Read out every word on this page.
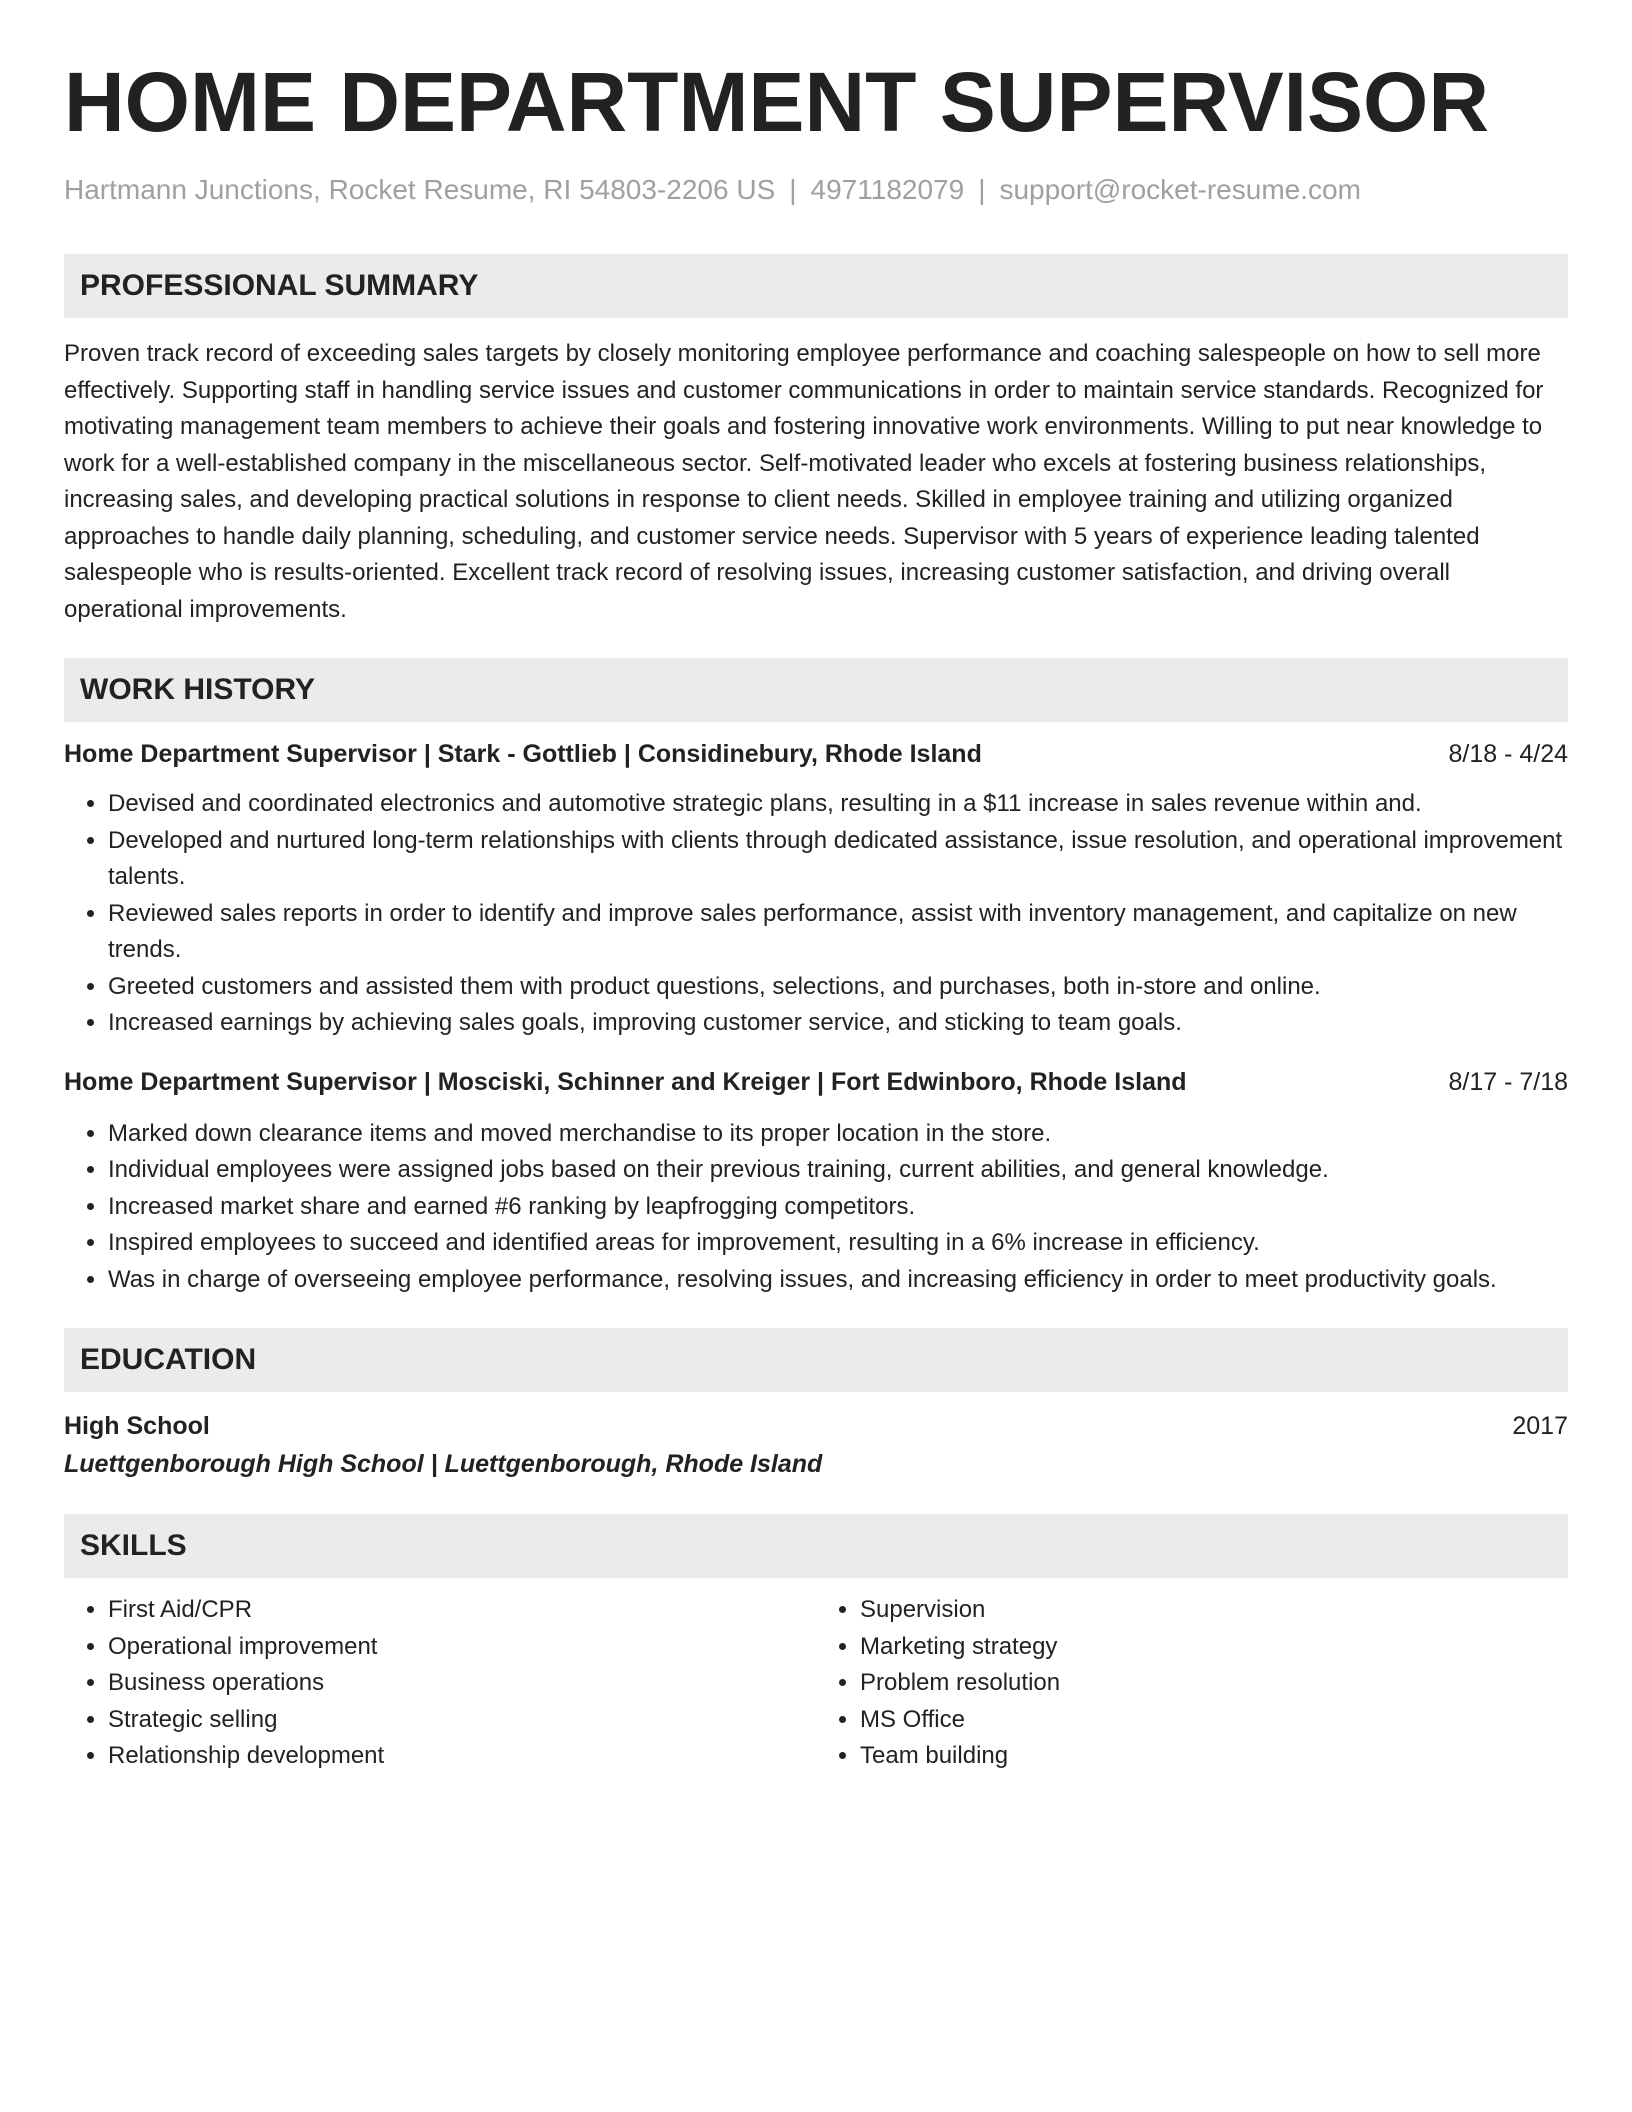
HOME DEPARTMENT SUPERVISOR
Hartmann Junctions, Rocket Resume, RI 54803-2206 US | 4971182079 | support@rocket-resume.com
PROFESSIONAL SUMMARY

Proven track record of exceeding sales targets by closely monitoring employee performance and coaching salespeople on how to sell more effectively. Supporting staff in handling service issues and customer communications in order to maintain service standards. Recognized for motivating management team members to achieve their goals and fostering innovative work environments. Willing to put near knowledge to work for a well-established company in the miscellaneous sector. Self-motivated leader who excels at fostering business relationships, increasing sales, and developing practical solutions in response to client needs. Skilled in employee training and utilizing organized approaches to handle daily planning, scheduling, and customer service needs. Supervisor with 5 years of experience leading talented salespeople who is results-oriented. Excellent track record of resolving issues, increasing customer satisfaction, and driving overall operational improvements.

WORK HISTORY
Home Department Supervisor | Stark - Gottlieb | Considinebury, Rhode Island	8/18 - 4/24
• Devised and coordinated electronics and automotive strategic plans, resulting in a $11 increase in sales revenue within and.
• Developed and nurtured long-term relationships with clients through dedicated assistance, issue resolution, and operational improvement talents.
• Reviewed sales reports in order to identify and improve sales performance, assist with inventory management, and capitalize on new trends.
• Greeted customers and assisted them with product questions, selections, and purchases, both in-store and online.
• Increased earnings by achieving sales goals, improving customer service, and sticking to team goals.
Home Department Supervisor | Mosciski, Schinner and Kreiger | Fort Edwinboro, Rhode Island	8/17 - 7/18
• Marked down clearance items and moved merchandise to its proper location in the store.
• Individual employees were assigned jobs based on their previous training, current abilities, and general knowledge.
• Increased market share and earned #6 ranking by leapfrogging competitors.
• Inspired employees to succeed and identified areas for improvement, resulting in a 6% increase in efficiency.
• Was in charge of overseeing employee performance, resolving issues, and increasing efficiency in order to meet productivity goals.
EDUCATION
High School	2017
Luettgenborough High School | Luettgenborough, Rhode Island
SKILLS
• First Aid/CPR
• Operational improvement
• Business operations
• Strategic selling
• Relationship development
• Supervision
• Marketing strategy
• Problem resolution
• MS Office
• Team building
